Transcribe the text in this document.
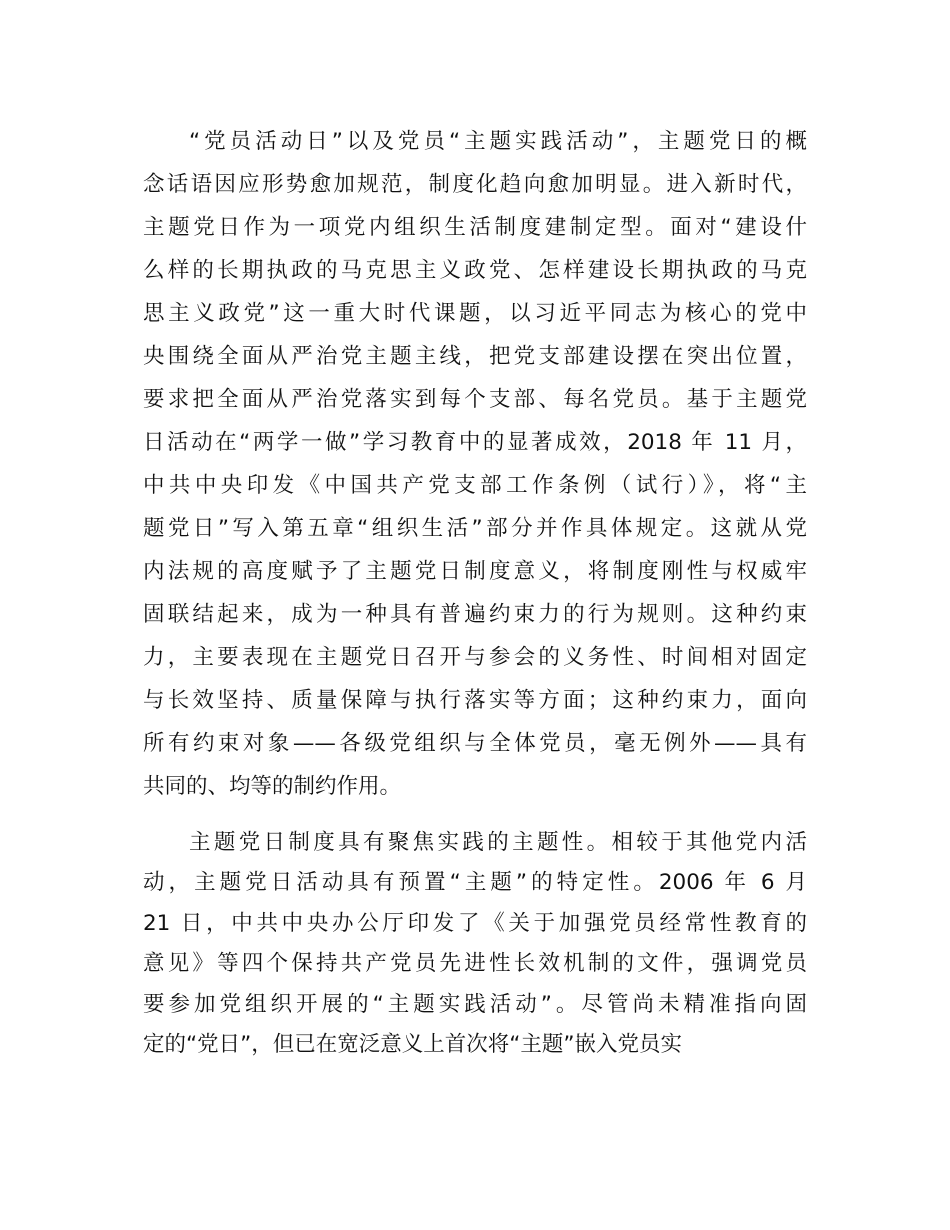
“党员活动日”以及党员“主题实践活动”，主题党日的概
念话语因应形势愈加规范，制度化趋向愈加明显。进入新时代，
主题党日作为一项党内组织生活制度建制定型。面对“建设什
么样的长期执政的马克思主义政党、怎样建设长期执政的马克
思主义政党”这一重大时代课题，以习近平同志为核心的党中
央围绕全面从严治党主题主线，把党支部建设摆在突出位置，
要求把全面从严治党落实到每个支部、每名党员。基于主题党
日活动在“两学一做”学习教育中的显著成效，2018 年 11 月，
中共中央印发《中国共产党支部工作条例（试行）》，将“主
题党日”写入第五章“组织生活”部分并作具体规定。这就从党
内法规的高度赋予了主题党日制度意义，将制度刚性与权威牢
固联结起来，成为一种具有普遍约束力的行为规则。这种约束
力，主要表现在主题党日召开与参会的义务性、时间相对固定
与长效坚持、质量保障与执行落实等方面；这种约束力，面向
所有约束对象——各级党组织与全体党员，毫无例外——具有
共同的、均等的制约作用。
主题党日制度具有聚焦实践的主题性。相较于其他党内活
动，主题党日活动具有预置“主题”的特定性。2006 年 6 月
21 日，中共中央办公厅印发了《关于加强党员经常性教育的
意见》等四个保持共产党员先进性长效机制的文件，强调党员
要参加党组织开展的“主题实践活动”。尽管尚未精准指向固
定的“党日”，但已在宽泛意义上首次将“主题”嵌入党员实
